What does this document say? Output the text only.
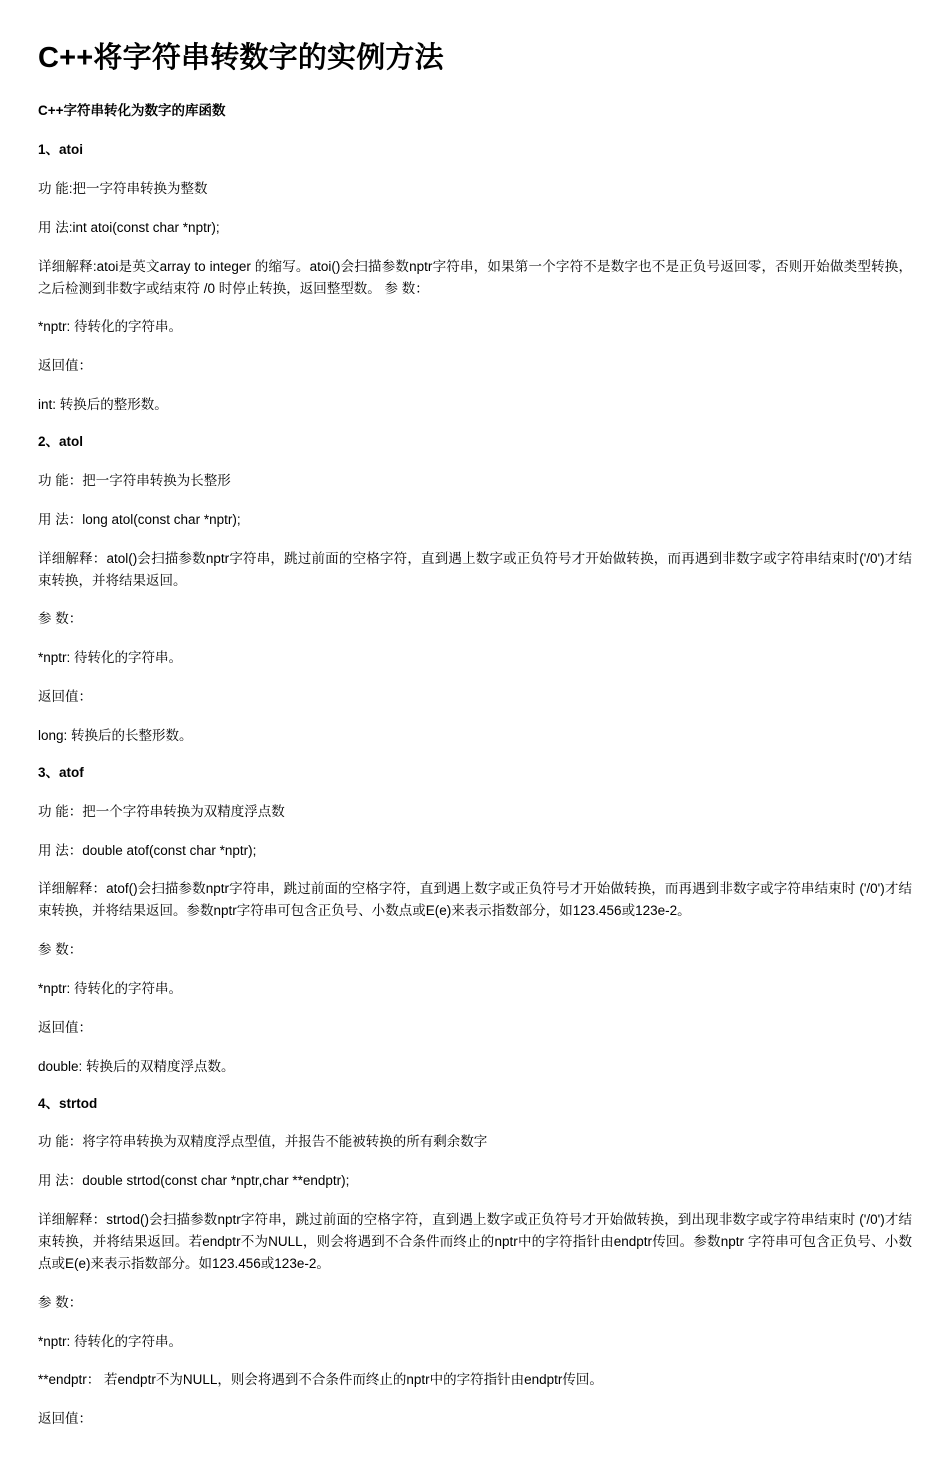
C++将字符串转数字的实例方法
C++字符串转化为数字的库函数
1、atoi

功 能:把一字符串转换为整数

用 法:int atoi(const char *nptr);

详细解释:atoi是英文array to integer 的缩写。atoi()会扫描参数nptr字符串，如果第一个字符不是数字也不是正负号返回零，否则开始做类型转换，之后检测到非数字或结束符 /0 时停止转换，返回整型数。 参 数：

*nptr: 待转化的字符串。

返回值：

int: 转换后的整形数。

2、atol

功 能：把一字符串转换为长整形

用 法：long atol(const char *nptr);

详细解释：atol()会扫描参数nptr字符串，跳过前面的空格字符，直到遇上数字或正负符号才开始做转换，而再遇到非数字或字符串结束时('/0')才结束转换，并将结果返回。

参 数：

*nptr: 待转化的字符串。

返回值：

long: 转换后的长整形数。

3、atof

功 能：把一个字符串转换为双精度浮点数

用 法：double atof(const char *nptr);

详细解释：atof()会扫描参数nptr字符串，跳过前面的空格字符，直到遇上数字或正负符号才开始做转换，而再遇到非数字或字符串结束时 ('/0')才结束转换，并将结果返回。参数nptr字符串可包含正负号、小数点或E(e)来表示指数部分，如123.456或123e-2。

参 数：

*nptr: 待转化的字符串。

返回值：

double: 转换后的双精度浮点数。

4、strtod

功 能：将字符串转换为双精度浮点型值，并报告不能被转换的所有剩余数字

用 法：double strtod(const char *nptr,char **endptr);

详细解释：strtod()会扫描参数nptr字符串，跳过前面的空格字符，直到遇上数字或正负符号才开始做转换，到出现非数字或字符串结束时 ('/0')才结束转换，并将结果返回。若endptr不为NULL，则会将遇到不合条件而终止的nptr中的字符指针由endptr传回。参数nptr 字符串可包含正负号、小数点或E(e)来表示指数部分。如123.456或123e-2。

参 数：

*nptr: 待转化的字符串。

**endptr： 若endptr不为NULL，则会将遇到不合条件而终止的nptr中的字符指针由endptr传回。

返回值：
